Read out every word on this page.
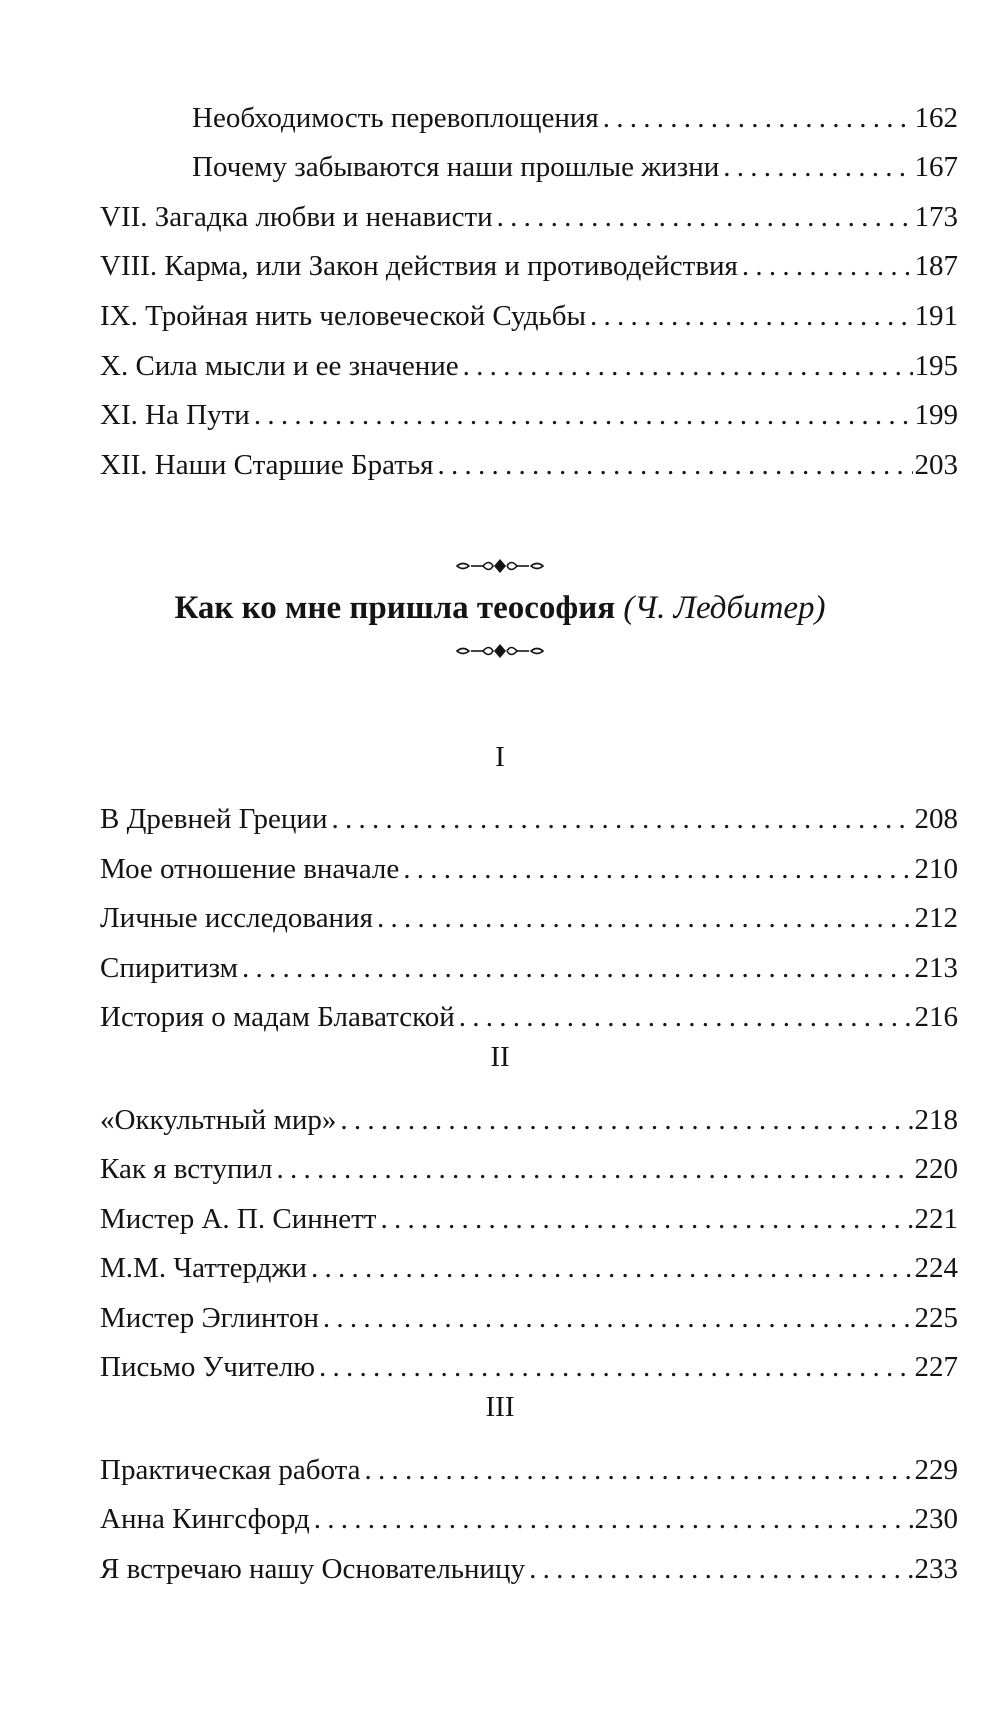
Необходимость перевоплощения . . .	162
Почему забываются наши прошлые жизни . . .	167
VII. Загадка любви и ненависти . . .	173
VIII. Карма, или Закон действия и противодействия . . .	187
IX. Тройная нить человеческой Судьбы . . .	191
X. Сила мысли и ее значение . . .	195
XI. На Пути . . .	199
XII. Наши Старшие Братья . . .	203
Как ко мне пришла теософия (Ч. Ледбитер)
I
В Древней Греции . . .	208
Мое отношение вначале . . .	210
Личные исследования . . .	212
Спиритизм . . .	213
История о мадам Блаватской . . .	216
II
«Оккультный мир» . . .	218
Как я вступил . . .	220
Мистер А. П. Синнетт . . .	221
М.М. Чаттерджи . . .	224
Мистер Эглинтон . . .	225
Письмо Учителю . . .	227
III
Практическая работа . . .	229
Анна Кингсфорд . . .	230
Я встречаю нашу Основательницу . . .	233
